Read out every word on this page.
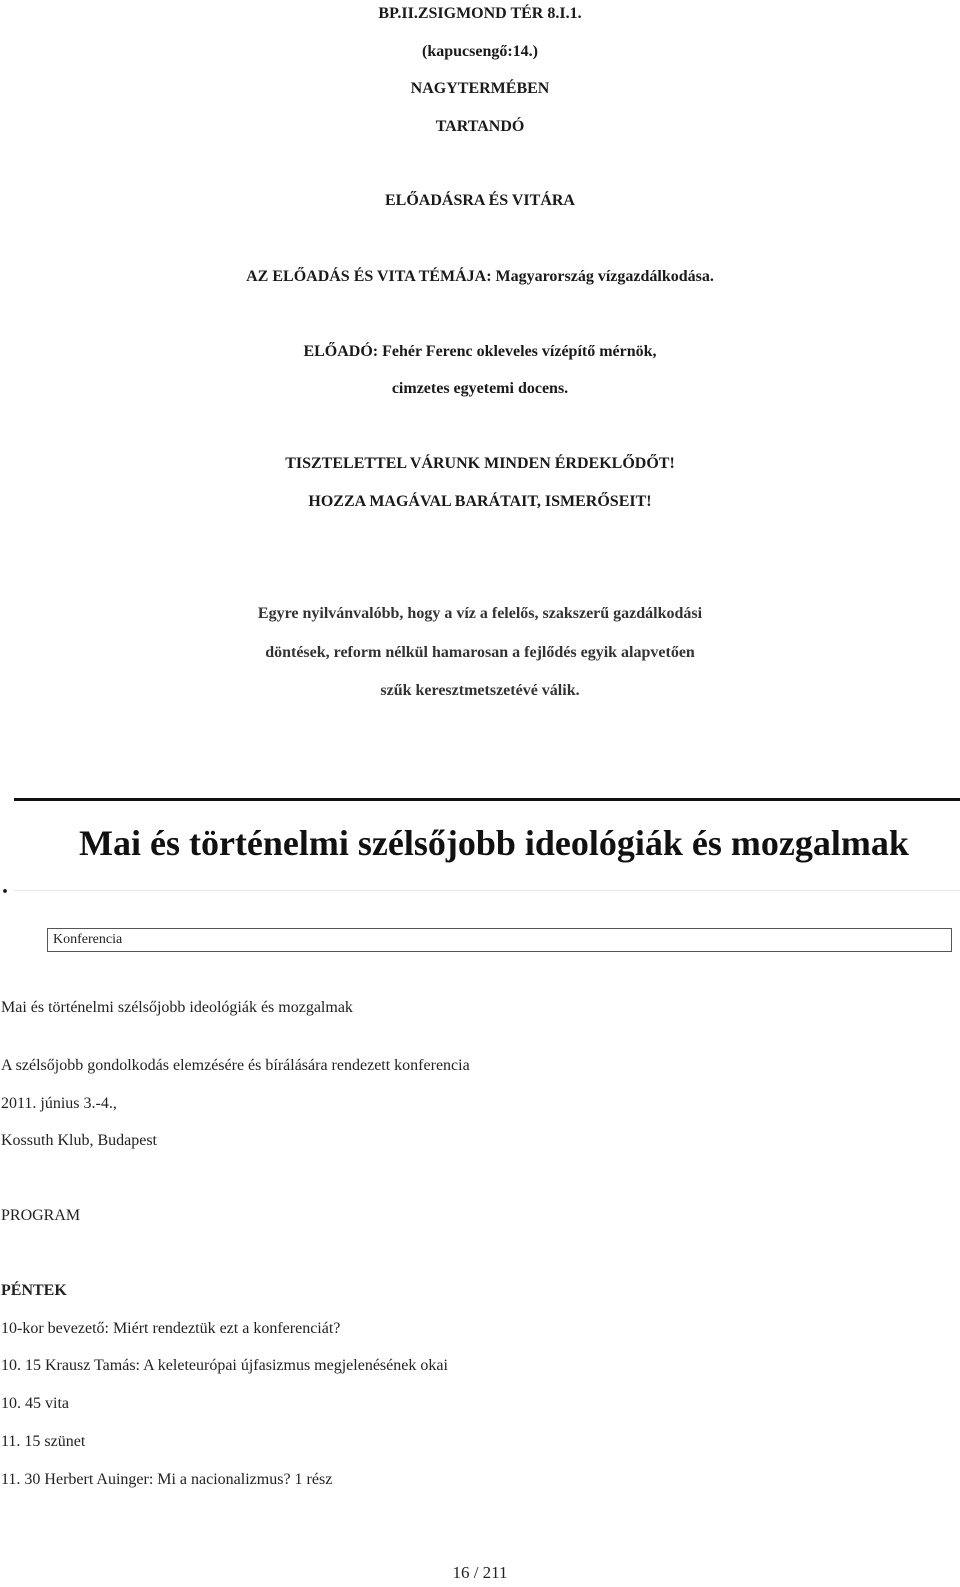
BP.II.ZSIGMOND TÉR 8.I.1.
(kapucsengő:14.)
NAGYTERMÉBEN
TARTANDÓ
ELŐADÁSRA ÉS VITÁRA
AZ ELŐADÁS ÉS VITA TÉMÁJA: Magyarország vízgazdálkodása.
ELŐADÓ: Fehér Ferenc okleveles vízépítő mérnök,
cimzetes egyetemi docens.
TISZTELETTEL VÁRUNK MINDEN ÉRDEKLŐDŐT!
HOZZA MAGÁVAL BARÁTAIT, ISMERŐSEIT!
Egyre nyilvánvalóbb, hogy a víz a felelős, szakszerű gazdálkodási
döntések, reform nélkül hamarosan a fejlődés egyik alapvetően
szűk keresztmetszetévé válik.
Mai és történelmi szélsőjobb ideológiák és mozgalmak
.
Konferencia
Mai és történelmi szélsőjobb ideológiák és mozgalmak
A szélsőjobb gondolkodás elemzésére és bírálására rendezett konferencia
2011. június 3.-4.,
Kossuth Klub, Budapest
PROGRAM
PÉNTEK
10-kor bevezető: Miért rendeztük ezt a konferenciát?
10. 15 Krausz Tamás: A keleteurópai újfasizmus megjelenésének okai
10. 45 vita
11. 15 szünet
11. 30 Herbert Auinger: Mi a nacionalizmus? 1 rész
16 / 211
